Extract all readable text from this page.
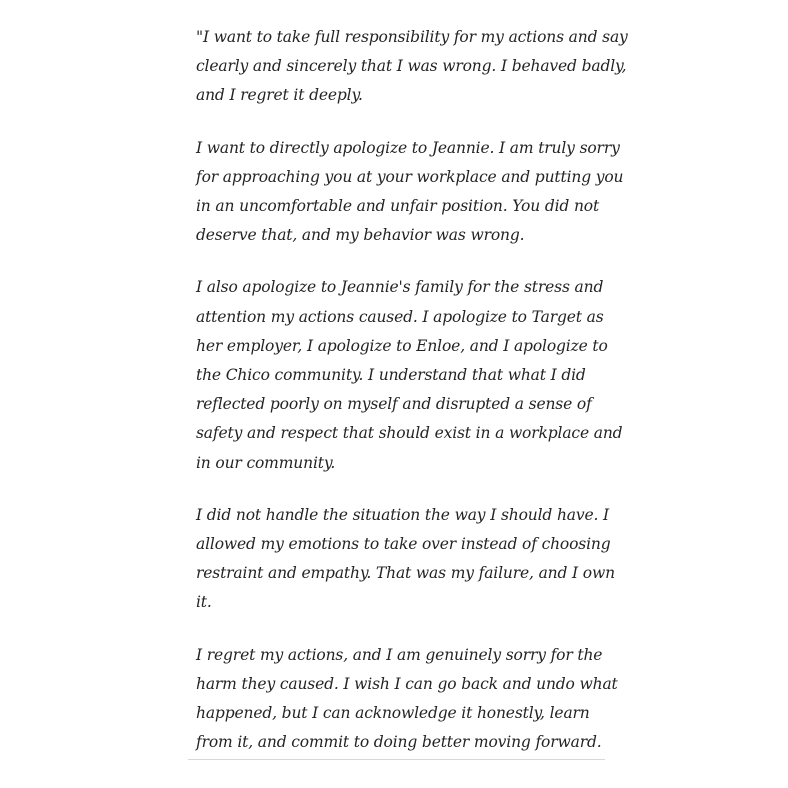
"I want to take full responsibility for my actions and say
clearly and sincerely that I was wrong. I behaved badly,
and I regret it deeply.

I want to directly apologize to Jeannie. I am truly sorry
for approaching you at your workplace and putting you
in an uncomfortable and unfair position. You did not
deserve that, and my behavior was wrong.

I also apologize to Jeannie's family for the stress and
attention my actions caused. I apologize to Target as
her employer, I apologize to Enloe, and I apologize to
the Chico community. I understand that what I did
reflected poorly on myself and disrupted a sense of
safety and respect that should exist in a workplace and
in our community.

I did not handle the situation the way I should have. I
allowed my emotions to take over instead of choosing
restraint and empathy. That was my failure, and I own
it.

I regret my actions, and I am genuinely sorry for the
harm they caused. I wish I can go back and undo what
happened, but I can acknowledge it honestly, learn
from it, and commit to doing better moving forward.
